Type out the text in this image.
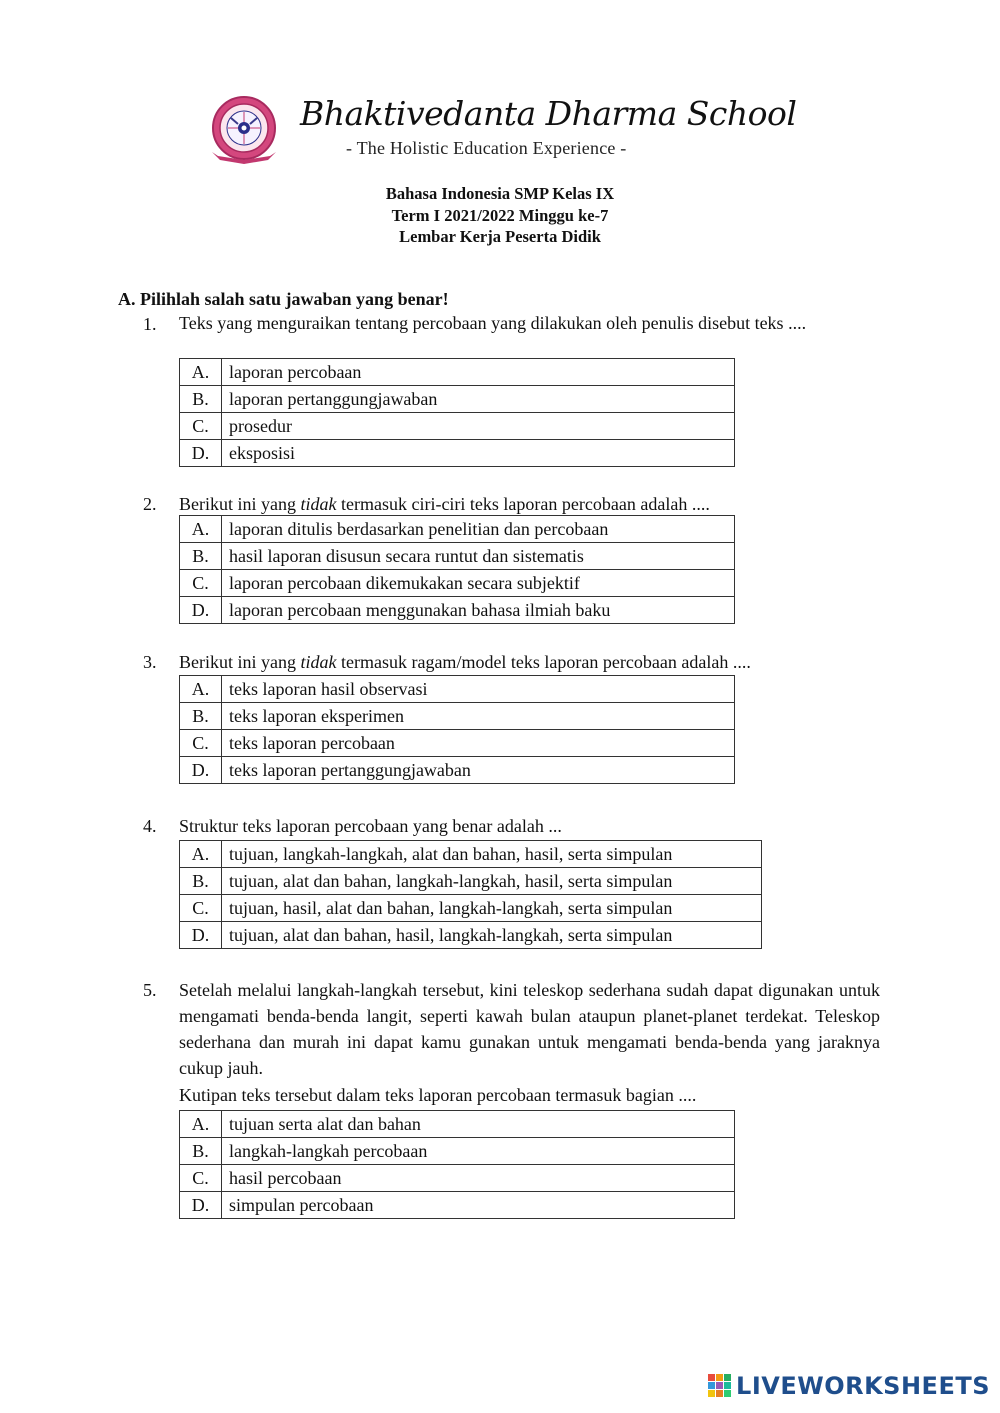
Bhaktivedanta Dharma School
- The Holistic Education Experience -
Bahasa Indonesia SMP Kelas IX
Term I 2021/2022 Minggu ke-7
Lembar Kerja Peserta Didik
A. Pilihlah salah satu jawaban yang benar!
1. Teks yang menguraikan tentang percobaan yang dilakukan oleh penulis disebut teks ....
A.	laporan percobaan
B.	laporan pertanggungjawaban
C.	prosedur
D.	eksposisi
2. Berikut ini yang tidak termasuk ciri-ciri teks laporan percobaan adalah ....
A.	laporan ditulis berdasarkan penelitian dan percobaan
B.	hasil laporan disusun secara runtut dan sistematis
C.	laporan percobaan dikemukakan secara subjektif
D.	laporan percobaan menggunakan bahasa ilmiah baku
3. Berikut ini yang tidak termasuk ragam/model teks laporan percobaan adalah ....
A.	teks laporan hasil observasi
B.	teks laporan eksperimen
C.	teks laporan percobaan
D.	teks laporan pertanggungjawaban
4. Struktur teks laporan percobaan yang benar adalah ...
A.	tujuan, langkah-langkah, alat dan bahan, hasil, serta simpulan
B.	tujuan, alat dan bahan, langkah-langkah, hasil, serta simpulan
C.	tujuan, hasil, alat dan bahan, langkah-langkah, serta simpulan
D.	tujuan, alat dan bahan, hasil, langkah-langkah, serta simpulan
5. Setelah melalui langkah-langkah tersebut, kini teleskop sederhana sudah dapat digunakan untuk mengamati benda-benda langit, seperti kawah bulan ataupun planet-planet terdekat. Teleskop sederhana dan murah ini dapat kamu gunakan untuk mengamati benda-benda yang jaraknya cukup jauh.
Kutipan teks tersebut dalam teks laporan percobaan termasuk bagian ....
A.	tujuan serta alat dan bahan
B.	langkah-langkah percobaan
C.	hasil percobaan
D.	simpulan percobaan
LIVEWORKSHEETS
